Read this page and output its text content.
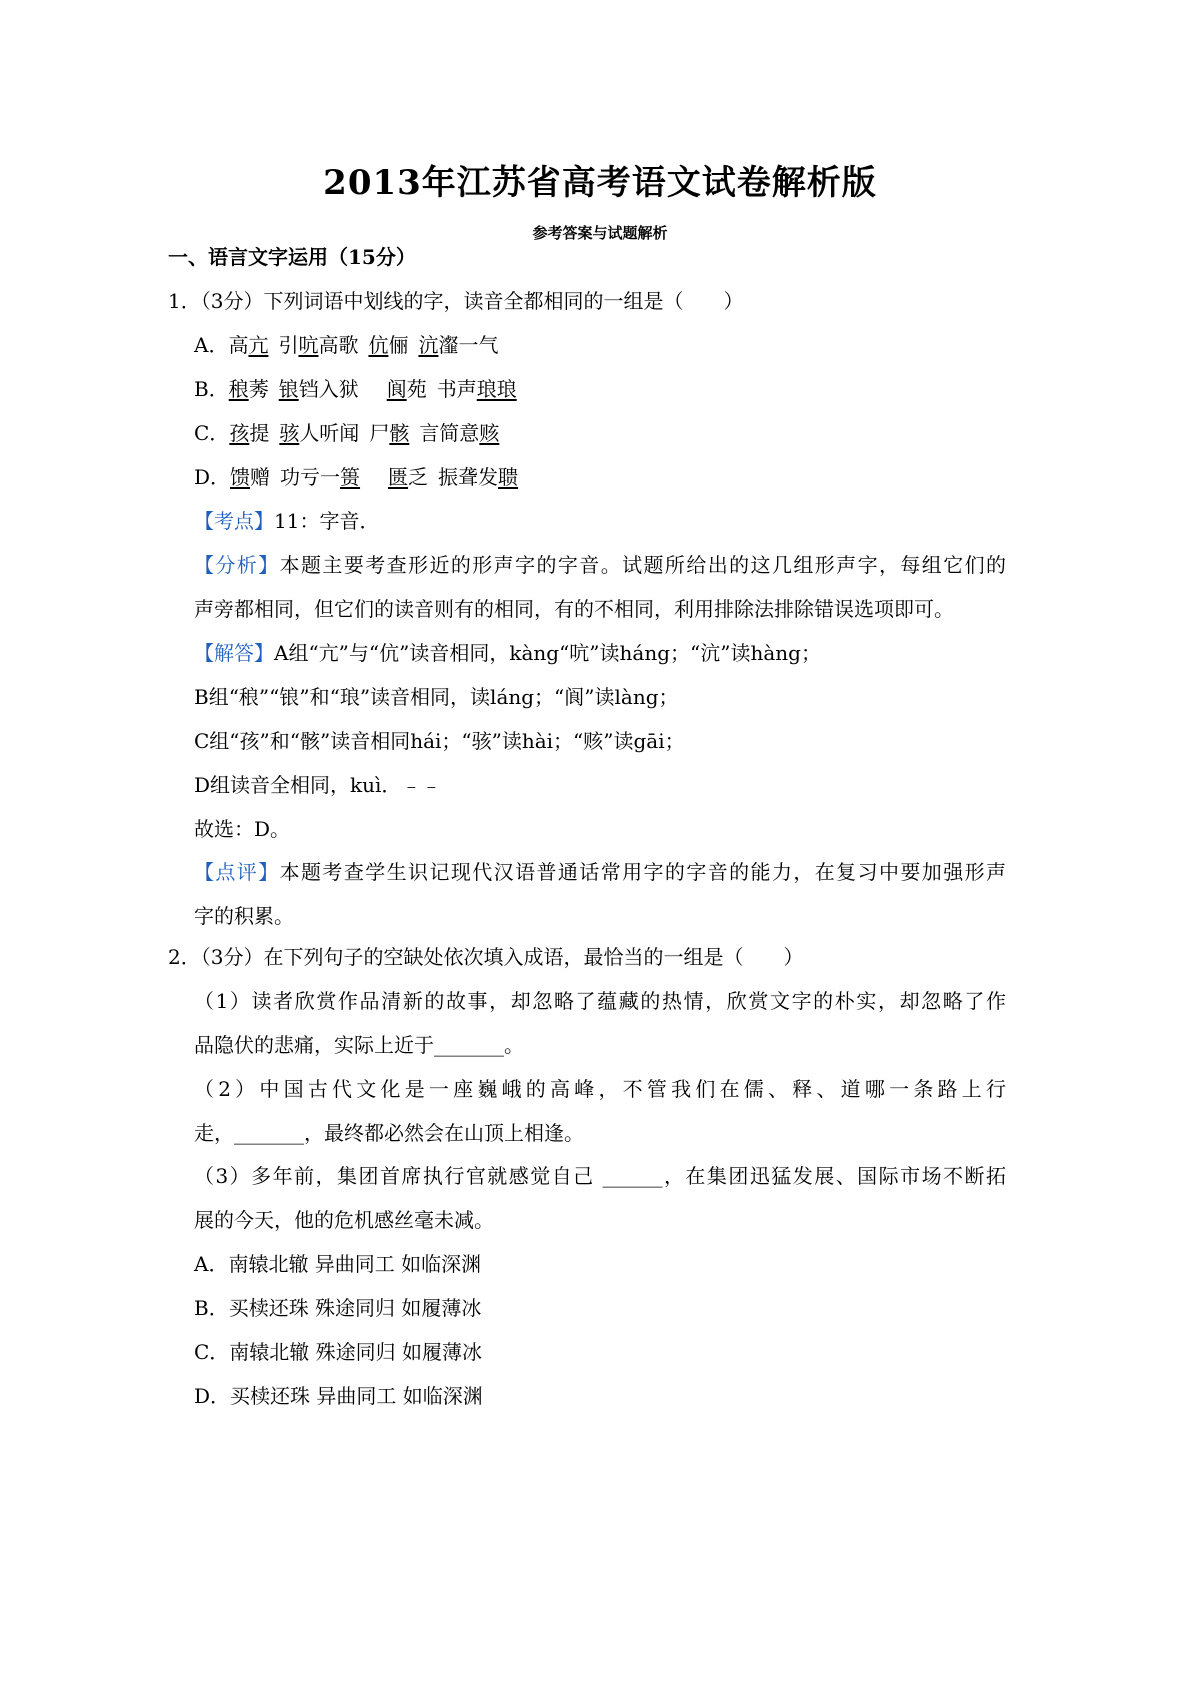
2013年江苏省高考语文试卷解析版
参考答案与试题解析
一、语言文字运用（15分）
1．（3分）下列词语中划线的字，读音全都相同的一组是（　　）
A．高亢 引吭高歌 伉俪 沆瀣一气
B．稂莠 锒铛入狱 阆苑 书声琅琅
C．孩提 骇人听闻 尸骸 言简意赅
D．馈赠 功亏一篑 匮乏 振聋发聩
【考点】11：字音．
【分析】本题主要考查形近的形声字的字音。试题所给出的这几组形声字，每组它们的
声旁都相同，但它们的读音则有的相同，有的不相同，利用排除法排除错误选项即可。
【解答】A组“亢”与“伉”读音相同，kàng“吭”读háng；“沆”读hàng；
B组“稂”“锒”和“琅”读音相同，读láng；“阆”读làng；
C组“孩”和“骸”读音相同hái；“骇”读hài；“赅”读gāi；
D组读音全相同，kuì．﹣﹣
故选：D。
【点评】本题考查学生识记现代汉语普通话常用字的字音的能力，在复习中要加强形声
字的积累。
2．（3分）在下列句子的空缺处依次填入成语，最恰当的一组是（　　）
（1）读者欣赏作品清新的故事，却忽略了蕴藏的热情，欣赏文字的朴实，却忽略了作
品隐伏的悲痛，实际上近于_______。
（2）中国古代文化是一座巍峨的高峰，不管我们在儒、释、道哪一条路上行
走，_______，最终都必然会在山顶上相逢。
（3）多年前，集团首席执行官就感觉自己 ______，在集团迅猛发展、国际市场不断拓
展的今天，他的危机感丝毫未减。
A．南辕北辙 异曲同工 如临深渊
B．买椟还珠 殊途同归 如履薄冰
C．南辕北辙 殊途同归 如履薄冰
D．买椟还珠 异曲同工 如临深渊
